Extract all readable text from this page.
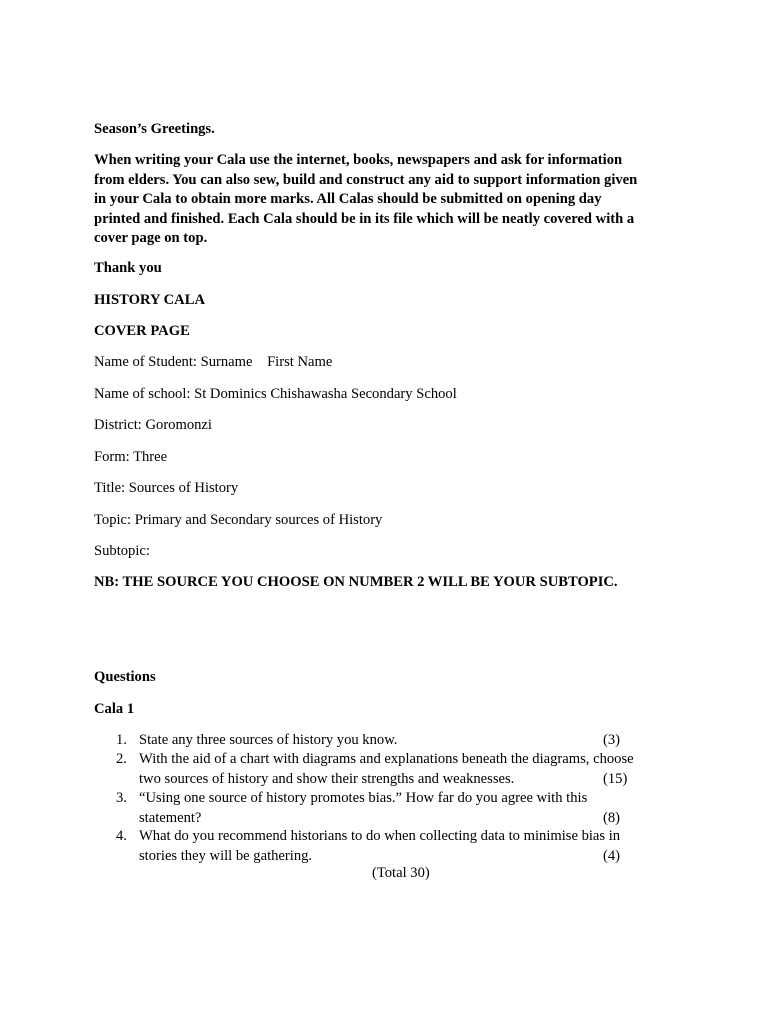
Season’s Greetings.
When writing your Cala use the internet, books, newspapers and ask for information
from elders. You can also sew, build and construct any aid to support information given
in your Cala to obtain more marks. All Calas should be submitted on opening day
printed and finished. Each Cala should be in its file which will be neatly covered with a
cover page on top.
Thank you
HISTORY CALA
COVER PAGE
Name of Student: Surname    First Name
Name of school: St Dominics Chishawasha Secondary School
District: Goromonzi
Form: Three
Title: Sources of History
Topic: Primary and Secondary sources of History
Subtopic:
NB: THE SOURCE YOU CHOOSE ON NUMBER 2 WILL BE YOUR SUBTOPIC.
Questions
Cala 1
1. State any three sources of history you know.	(3)
2. With the aid of a chart with diagrams and explanations beneath the diagrams, choose
two sources of history and show their strengths and weaknesses.	(15)
3. “Using one source of history promotes bias.” How far do you agree with this
statement?	(8)
4. What do you recommend historians to do when collecting data to minimise bias in
stories they will be gathering.	(4)
(Total 30)
